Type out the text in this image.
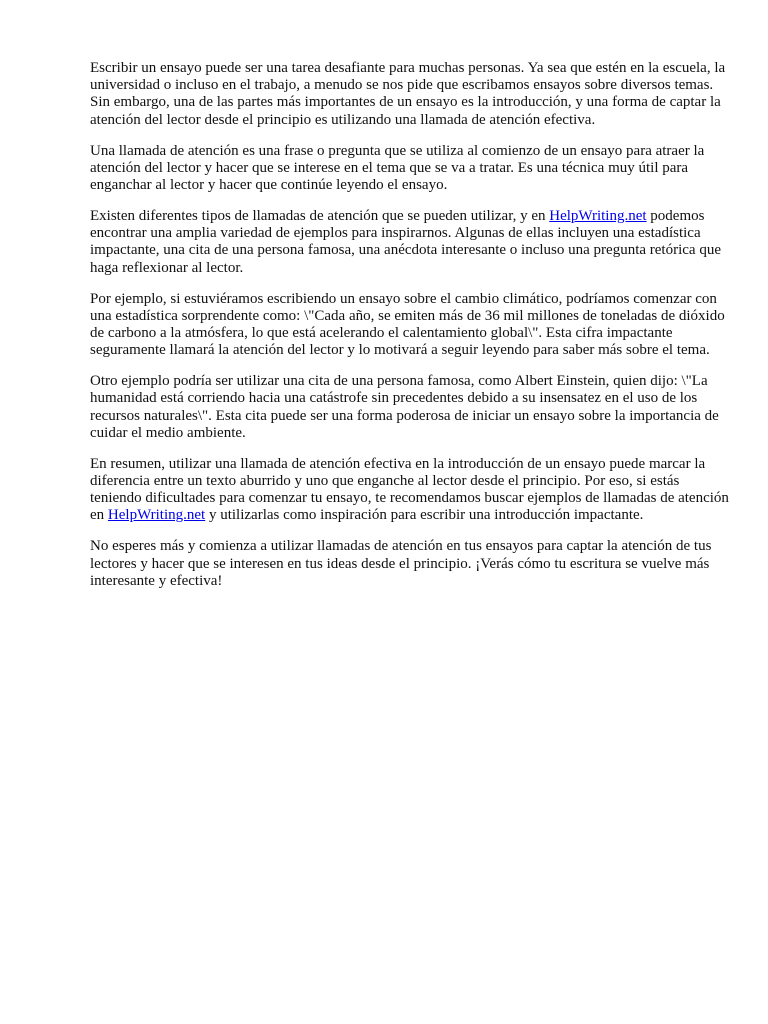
Escribir un ensayo puede ser una tarea desafiante para muchas personas. Ya sea que estén en la escuela, la universidad o incluso en el trabajo, a menudo se nos pide que escribamos ensayos sobre diversos temas. Sin embargo, una de las partes más importantes de un ensayo es la introducción, y una forma de captar la atención del lector desde el principio es utilizando una llamada de atención efectiva.

Una llamada de atención es una frase o pregunta que se utiliza al comienzo de un ensayo para atraer la atención del lector y hacer que se interese en el tema que se va a tratar. Es una técnica muy útil para enganchar al lector y hacer que continúe leyendo el ensayo.

Existen diferentes tipos de llamadas de atención que se pueden utilizar, y en HelpWriting.net podemos encontrar una amplia variedad de ejemplos para inspirarnos. Algunas de ellas incluyen una estadística impactante, una cita de una persona famosa, una anécdota interesante o incluso una pregunta retórica que haga reflexionar al lector.

Por ejemplo, si estuviéramos escribiendo un ensayo sobre el cambio climático, podríamos comenzar con una estadística sorprendente como: \"Cada año, se emiten más de 36 mil millones de toneladas de dióxido de carbono a la atmósfera, lo que está acelerando el calentamiento global\". Esta cifra impactante seguramente llamará la atención del lector y lo motivará a seguir leyendo para saber más sobre el tema.

Otro ejemplo podría ser utilizar una cita de una persona famosa, como Albert Einstein, quien dijo: \"La humanidad está corriendo hacia una catástrofe sin precedentes debido a su insensatez en el uso de los recursos naturales\". Esta cita puede ser una forma poderosa de iniciar un ensayo sobre la importancia de cuidar el medio ambiente.

En resumen, utilizar una llamada de atención efectiva en la introducción de un ensayo puede marcar la diferencia entre un texto aburrido y uno que enganche al lector desde el principio. Por eso, si estás teniendo dificultades para comenzar tu ensayo, te recomendamos buscar ejemplos de llamadas de atención en HelpWriting.net y utilizarlas como inspiración para escribir una introducción impactante.

No esperes más y comienza a utilizar llamadas de atención en tus ensayos para captar la atención de tus lectores y hacer que se interesen en tus ideas desde el principio. ¡Verás cómo tu escritura se vuelve más interesante y efectiva!
